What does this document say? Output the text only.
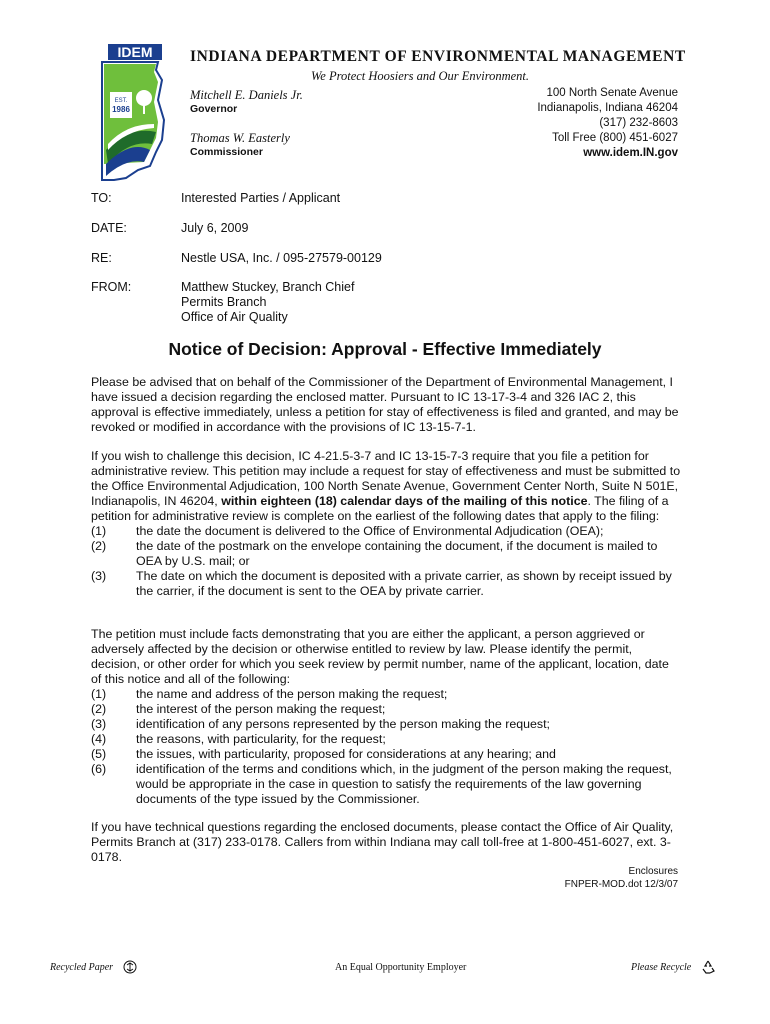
IDEM
EST.
1986
INDIANA DEPARTMENT OF ENVIRONMENTAL MANAGEMENT
We Protect Hoosiers and Our Environment.
Mitchell E. Daniels Jr.
Governor
Thomas W. Easterly
Commissioner
100 North Senate Avenue
Indianapolis, Indiana 46204
(317) 232-8603
Toll Free (800) 451-6027
www.idem.IN.gov
TO:	Interested Parties / Applicant
DATE:	July 6, 2009
RE:	Nestle USA, Inc. / 095-27579-00129
FROM:	Matthew Stuckey, Branch Chief
Permits Branch
Office of Air Quality
Notice of Decision: Approval - Effective Immediately

Please be advised that on behalf of the Commissioner of the Department of Environmental Management, I have issued a decision regarding the enclosed matter. Pursuant to IC 13-17-3-4 and 326 IAC 2, this approval is effective immediately, unless a petition for stay of effectiveness is filed and granted, and may be revoked or modified in accordance with the provisions of IC 13-15-7-1.

If you wish to challenge this decision, IC 4-21.5-3-7 and IC 13-15-7-3 require that you file a petition for administrative review. This petition may include a request for stay of effectiveness and must be submitted to the Office Environmental Adjudication, 100 North Senate Avenue, Government Center North, Suite N 501E, Indianapolis, IN 46204, within eighteen (18) calendar days of the mailing of this notice. The filing of a petition for administrative review is complete on the earliest of the following dates that apply to the filing:

(1)	the date the document is delivered to the Office of Environmental Adjudication (OEA);
(2)	the date of the postmark on the envelope containing the document, if the document is mailed to OEA by U.S. mail; or
(3)	The date on which the document is deposited with a private carrier, as shown by receipt issued by the carrier, if the document is sent to the OEA by private carrier.

The petition must include facts demonstrating that you are either the applicant, a person aggrieved or adversely affected by the decision or otherwise entitled to review by law. Please identify the permit, decision, or other order for which you seek review by permit number, name of the applicant, location, date of this notice and all of the following:

(1)	the name and address of the person making the request;
(2)	the interest of the person making the request;
(3)	identification of any persons represented by the person making the request;
(4)	the reasons, with particularity, for the request;
(5)	the issues, with particularity, proposed for considerations at any hearing; and
(6)	identification of the terms and conditions which, in the judgment of the person making the request, would be appropriate in the case in question to satisfy the requirements of the law governing documents of the type issued by the Commissioner.

If you have technical questions regarding the enclosed documents, please contact the Office of Air Quality, Permits Branch at (317) 233-0178. Callers from within Indiana may call toll-free at 1-800-451-6027, ext. 3-0178.

Enclosures
FNPER-MOD.dot 12/3/07
Recycled Paper	An Equal Opportunity Employer	Please Recycle
